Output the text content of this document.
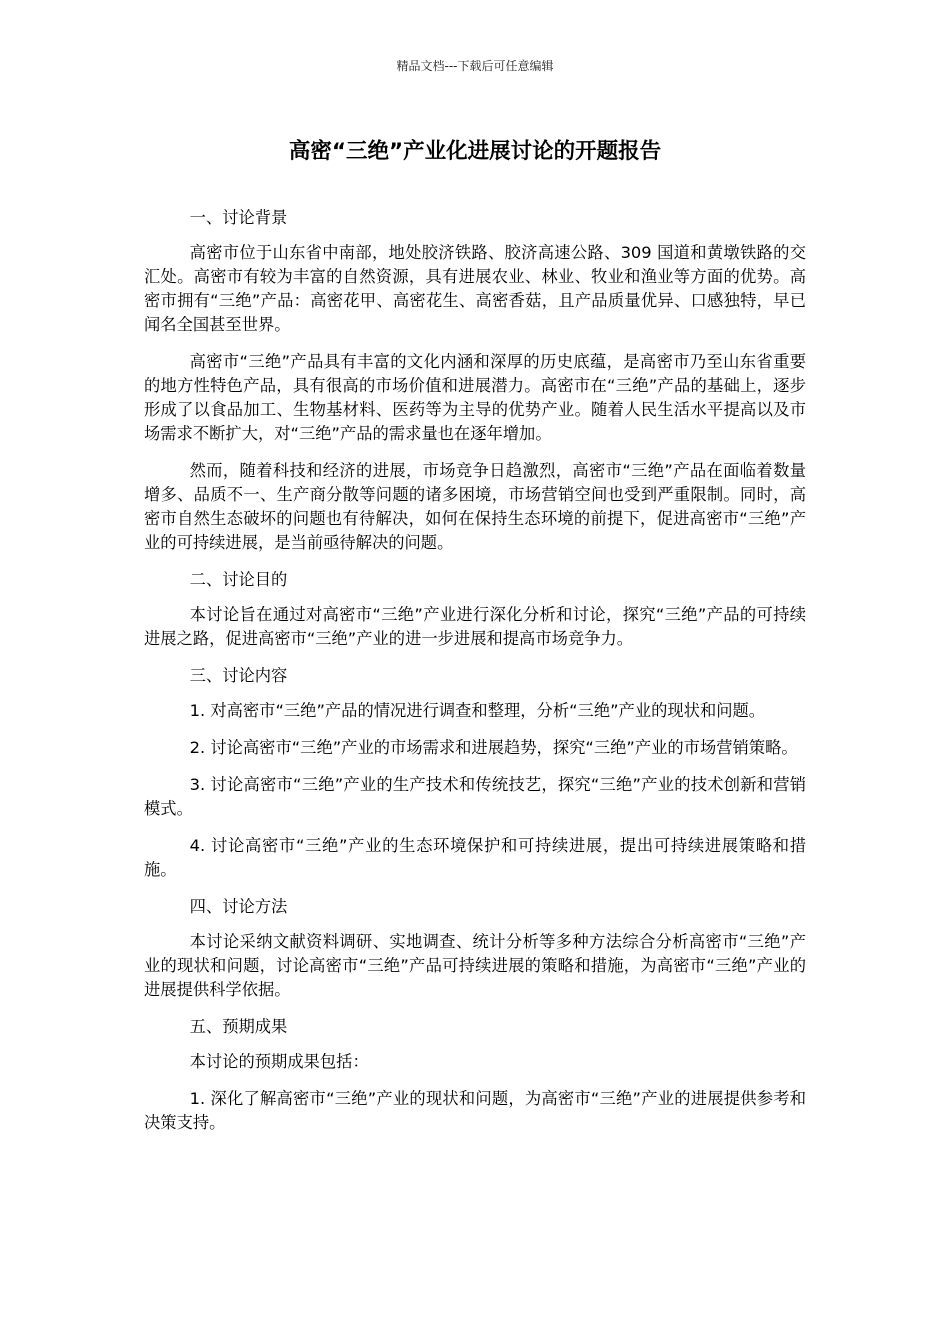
精品文档---下载后可任意编辑
高密“三绝”产业化进展讨论的开题报告

一、讨论背景

高密市位于山东省中南部，地处胶济铁路、胶济高速公路、309 国道和黄墩铁路的交汇处。高密市有较为丰富的自然资源，具有进展农业、林业、牧业和渔业等方面的优势。高密市拥有“三绝”产品：高密花甲、高密花生、高密香菇，且产品质量优异、口感独特，早已闻名全国甚至世界。

高密市“三绝”产品具有丰富的文化内涵和深厚的历史底蕴，是高密市乃至山东省重要的地方性特色产品，具有很高的市场价值和进展潜力。高密市在“三绝”产品的基础上，逐步形成了以食品加工、生物基材料、医药等为主导的优势产业。随着人民生活水平提高以及市场需求不断扩大，对“三绝”产品的需求量也在逐年增加。

然而，随着科技和经济的进展，市场竞争日趋激烈，高密市“三绝”产品在面临着数量增多、品质不一、生产商分散等问题的诸多困境，市场营销空间也受到严重限制。同时，高密市自然生态破坏的问题也有待解决，如何在保持生态环境的前提下，促进高密市“三绝”产业的可持续进展，是当前亟待解决的问题。

二、讨论目的

本讨论旨在通过对高密市“三绝”产业进行深化分析和讨论，探究“三绝”产品的可持续进展之路，促进高密市“三绝”产业的进一步进展和提高市场竞争力。

三、讨论内容

1. 对高密市“三绝”产品的情况进行调查和整理，分析“三绝”产业的现状和问题。

2. 讨论高密市“三绝”产业的市场需求和进展趋势，探究“三绝”产业的市场营销策略。

3. 讨论高密市“三绝”产业的生产技术和传统技艺，探究“三绝”产业的技术创新和营销模式。

4. 讨论高密市“三绝”产业的生态环境保护和可持续进展，提出可持续进展策略和措施。

四、讨论方法

本讨论采纳文献资料调研、实地调查、统计分析等多种方法综合分析高密市“三绝”产业的现状和问题，讨论高密市“三绝”产品可持续进展的策略和措施，为高密市“三绝”产业的进展提供科学依据。

五、预期成果

本讨论的预期成果包括：

1. 深化了解高密市“三绝”产业的现状和问题，为高密市“三绝”产业的进展提供参考和决策支持。
